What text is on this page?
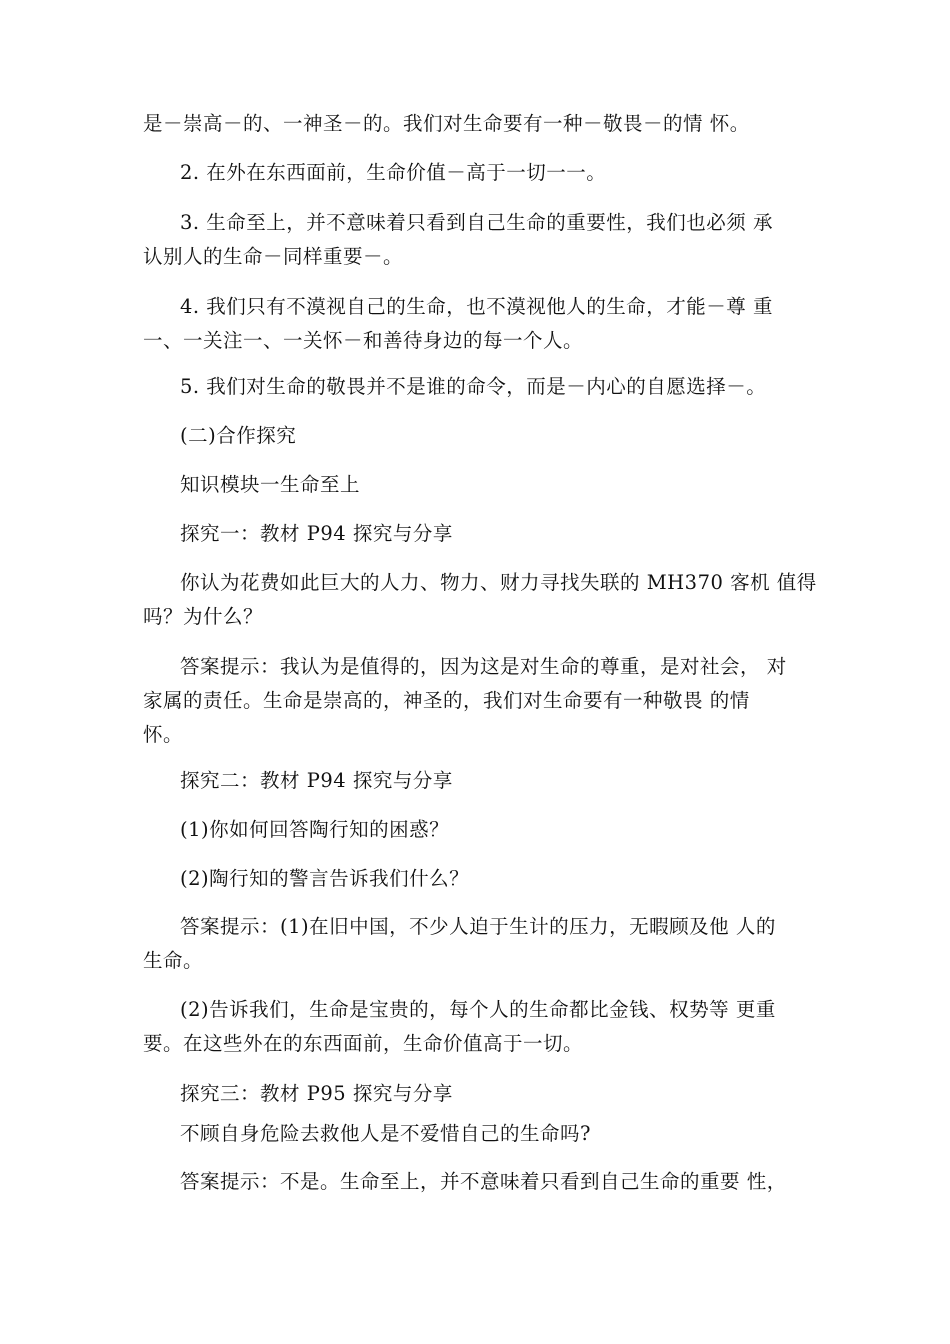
是－崇高－的、一神圣－的。我们对生命要有一种－敬畏－的情 怀。
2. 在外在东西面前，生命价值－高于一切一一。
3. 生命至上，并不意味着只看到自己生命的重要性，我们也必须 承
认别人的生命－同样重要－。
4. 我们只有不漠视自己的生命，也不漠视他人的生命，才能－尊 重
一、一关注一、一关怀－和善待身边的每一个人。
5. 我们对生命的敬畏并不是谁的命令，而是－内心的自愿选择－。
(二)合作探究
知识模块一生命至上
探究一：教材 P94 探究与分享
你认为花费如此巨大的人力、物力、财力寻找失联的 MH370 客机 值得
吗？为什么？
答案提示：我认为是值得的，因为这是对生命的尊重，是对社会， 对
家属的责任。生命是崇高的，神圣的，我们对生命要有一种敬畏 的情
怀。
探究二：教材 P94 探究与分享
(1)你如何回答陶行知的困惑？
(2)陶行知的警言告诉我们什么？
答案提示：(1)在旧中国，不少人迫于生计的压力，无暇顾及他 人的
生命。
(2)告诉我们，生命是宝贵的，每个人的生命都比金钱、权势等 更重
要。在这些外在的东西面前，生命价值高于一切。
探究三：教材 P95 探究与分享
不顾自身危险去救他人是不爱惜自己的生命吗?
答案提示：不是。生命至上，并不意味着只看到自己生命的重要 性，
